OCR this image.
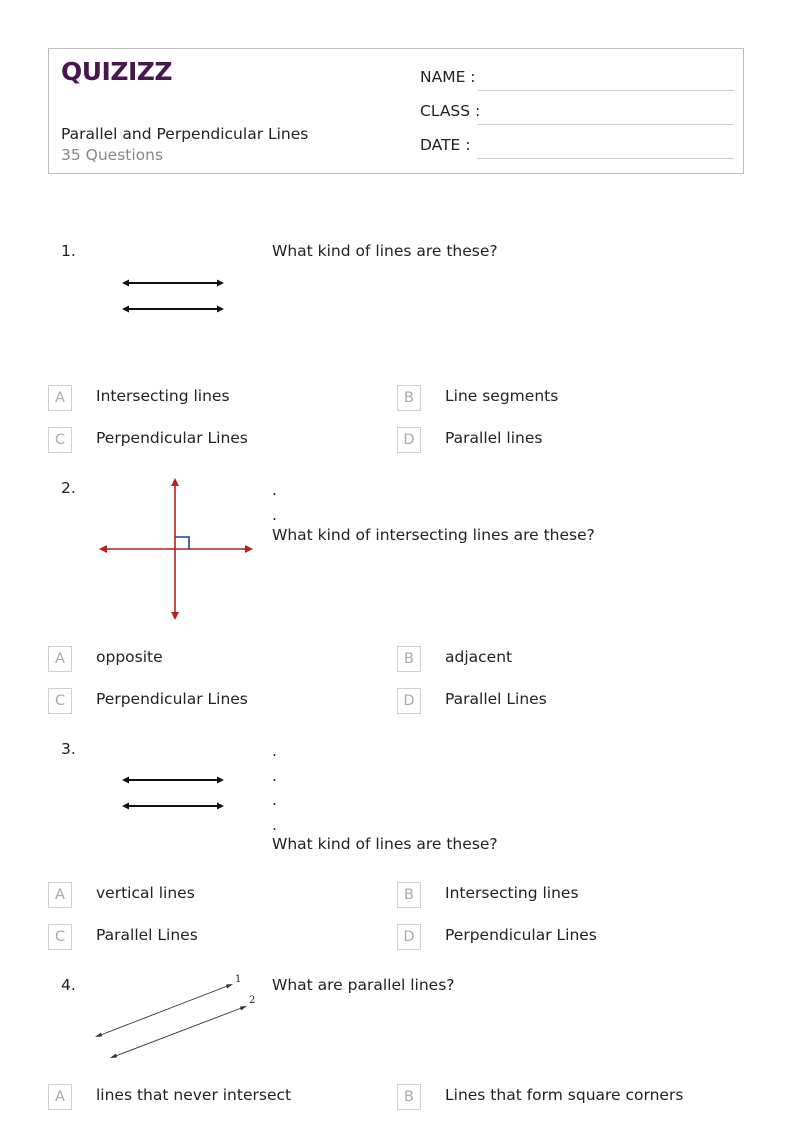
QUIZIZZ
Parallel and Perpendicular Lines
35 Questions
NAME :
CLASS :
DATE :
1.	What kind of lines are these?
A	Intersecting lines	B	Line segments
C	Perpendicular Lines	D	Parallel lines
2.	.
.
What kind of intersecting lines are these?
A	opposite	B	adjacent
C	Perpendicular Lines	D	Parallel Lines
3.	.
.
.
.
What kind of lines are these?
A	vertical lines	B	Intersecting lines
C	Parallel Lines	D	Perpendicular Lines
4.	What are parallel lines?
1
2
A	lines that never intersect	B	Lines that form square corners
